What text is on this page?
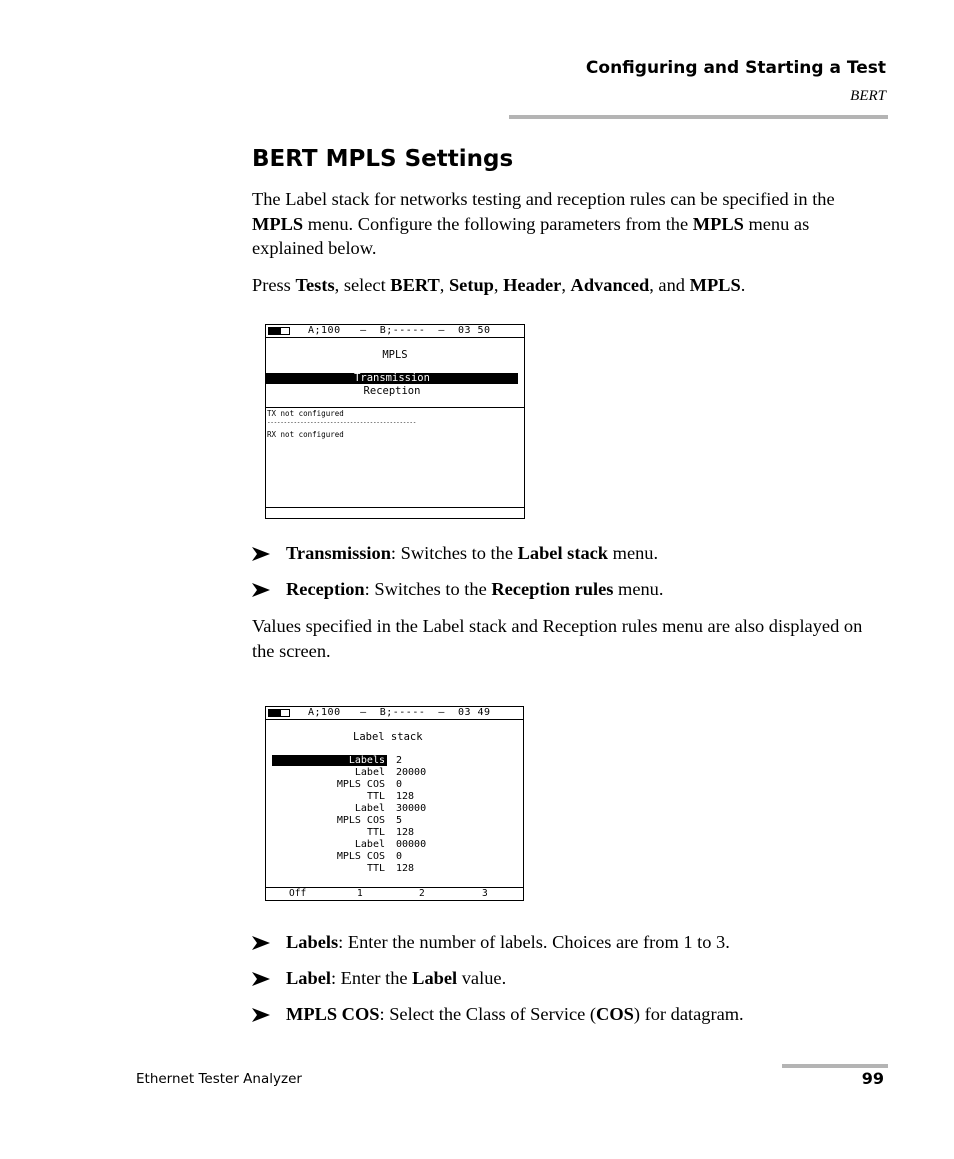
Configuring and Starting a Test
BERT
BERT MPLS Settings
The Label stack for networks testing and reception rules can be specified in the MPLS menu. Configure the following parameters from the MPLS menu as explained below.
Press Tests, select BERT, Setup, Header, Advanced, and MPLS.
A;100   –  B;-----  –  03 50
MPLS
Transmission
Reception
TX not configured
---------------------------------------------
RX not configured
Transmission: Switches to the Label stack menu.
Reception: Switches to the Reception rules menu.
Values specified in the Label stack and Reception rules menu are also displayed on the screen.
A;100   –  B;-----  –  03 49
Label stack
Labels 2
Label 20000
MPLS COS 0
TTL 128
Label 30000
MPLS COS 5
TTL 128
Label 00000
MPLS COS 0
TTL 128
Off	1	2	3
Labels: Enter the number of labels. Choices are from 1 to 3.
Label: Enter the Label value.
MPLS COS: Select the Class of Service (COS) for datagram.
Ethernet Tester Analyzer	99
